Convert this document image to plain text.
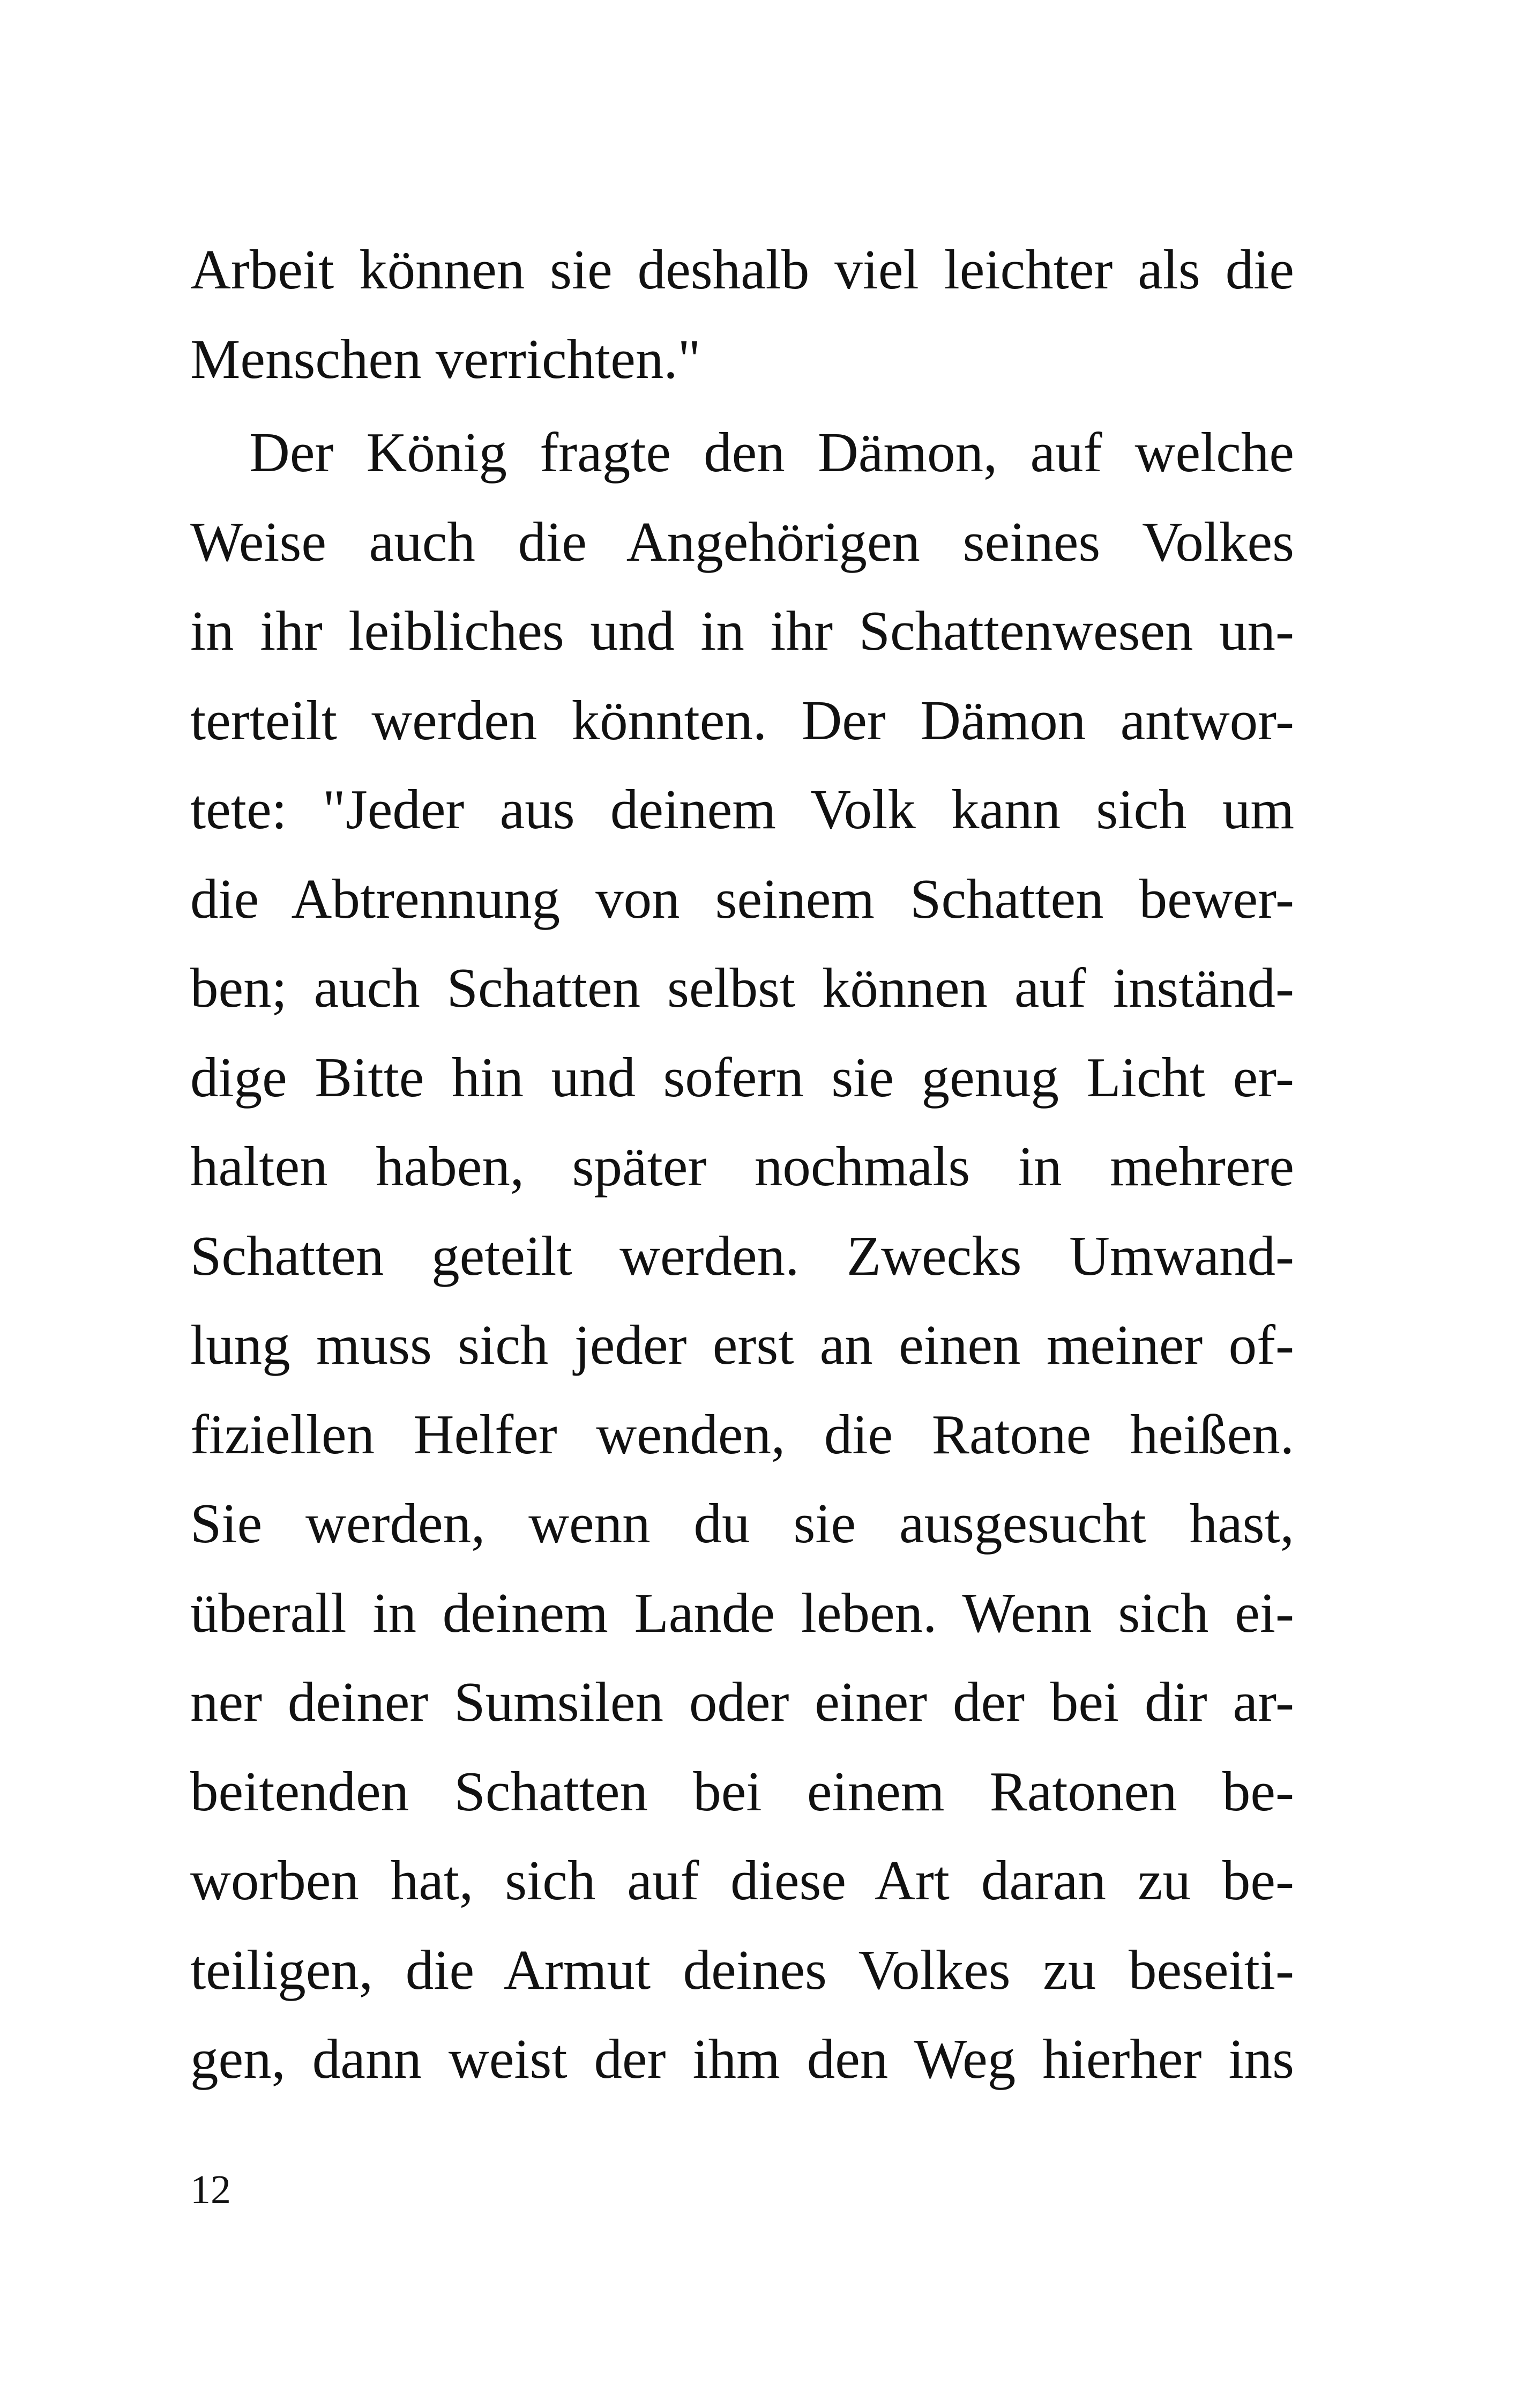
Arbeit können sie deshalb viel leichter als die
Menschen verrichten."
Der König fragte den Dämon, auf welche
Weise auch die Angehörigen seines Volkes
in ihr leibliches und in ihr Schattenwesen un-
terteilt werden könnten. Der Dämon antwor-
tete: "Jeder aus deinem Volk kann sich um
die Abtrennung von seinem Schatten bewer-
ben; auch Schatten selbst können auf inständ-
dige Bitte hin und sofern sie genug Licht er-
halten haben, später nochmals in mehrere
Schatten geteilt werden. Zwecks Umwand-
lung muss sich jeder erst an einen meiner of-
fiziellen Helfer wenden, die Ratone heißen.
Sie werden, wenn du sie ausgesucht hast,
überall in deinem Lande leben. Wenn sich ei-
ner deiner Sumsilen oder einer der bei dir ar-
beitenden Schatten bei einem Ratonen be-
worben hat, sich auf diese Art daran zu be-
teiligen, die Armut deines Volkes zu beseiti-
gen, dann weist der ihm den Weg hierher ins
12
